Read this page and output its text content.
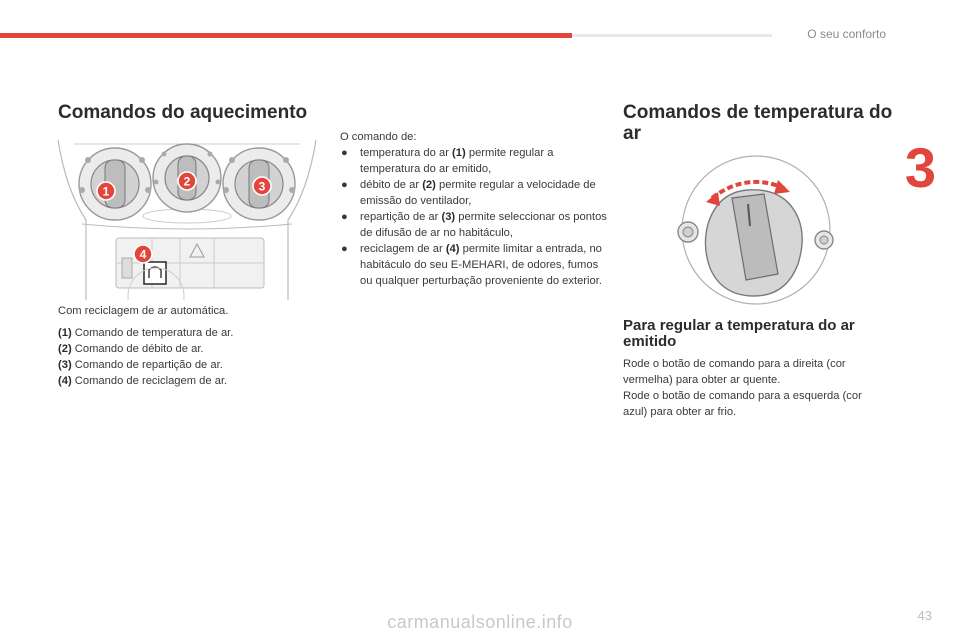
O seu conforto
3
Comandos do aquecimento
1
2	3
4
Com reciclagem de ar automática.

(1) Comando de temperatura de ar.

(2) Comando de débito de ar.

(3) Comando de repartição de ar.

(4) Comando de reciclagem de ar.

O comando de:

● temperatura do ar (1) permite regular a temperatura do ar emitido,
● débito de ar (2) permite regular a velocidade de emissão do ventilador,
● repartição de ar (3) permite seleccionar os pontos de difusão de ar no habitáculo,
● reciclagem de ar (4) permite limitar a entrada, no habitáculo do seu E-MEHARI, de odores, fumos ou qualquer perturbação proveniente do exterior.
Comandos de temperatura do ar
Para regular a temperatura do ar emitido

Rode o botão de comando para a direita (cor vermelha) para obter ar quente.

Rode o botão de comando para a esquerda (cor azul) para obter ar frio.

43
carmanualsonline.info
